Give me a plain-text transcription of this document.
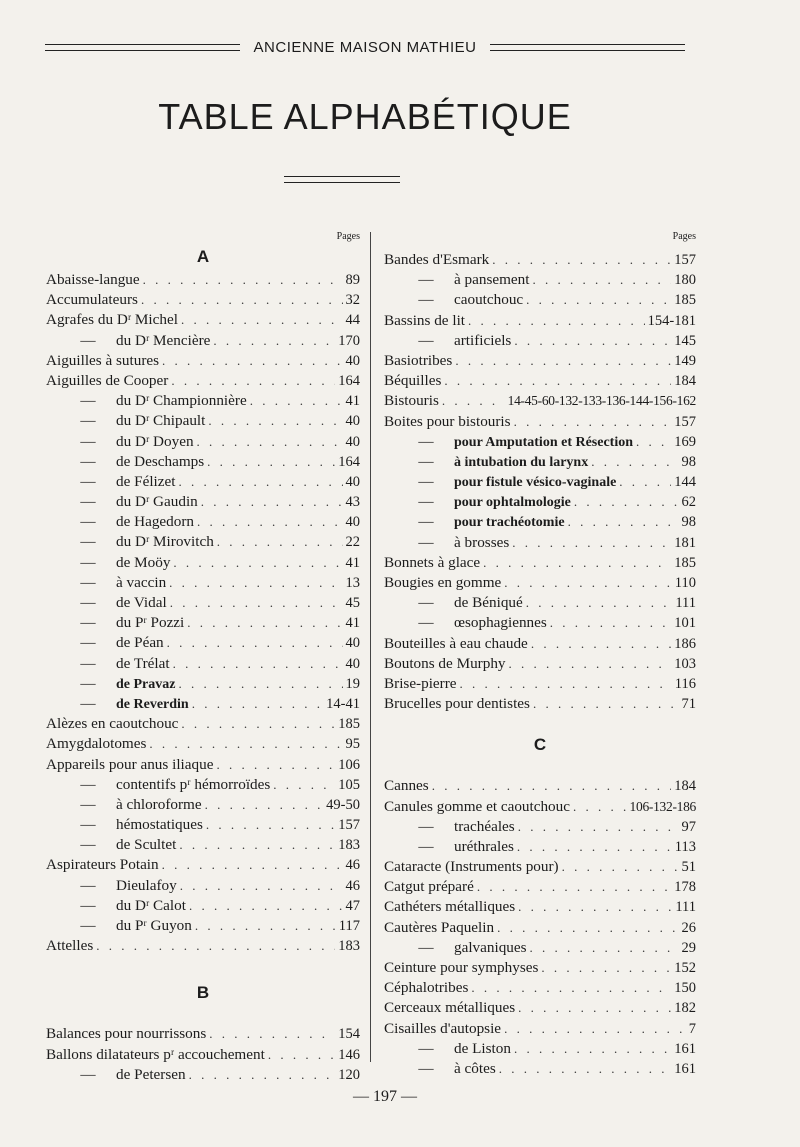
ANCIENNE MAISON MATHIEU
TABLE ALPHABÉTIQUE
Pages
A
Abaisse-langue . . .	89
Accumulateurs . . .	32
Agrafes du Dʳ Michel . . .	44
—	du Dʳ Mencière . . .	170
Aiguilles à sutures . . .	40
Aiguilles de Cooper . . .	164
—	du Dʳ Championnière . . .	41
—	du Dʳ Chipault . . .	40
—	du Dʳ Doyen . . .	40
—	de Deschamps . . .	164
—	de Félizet . . .	40
—	du Dʳ Gaudin . . .	43
—	de Hagedorn . . .	40
—	du Dʳ Mirovitch . . .	22
—	de Moöy . . .	41
—	à vaccin . . .	13
—	de Vidal . . .	45
—	du Pʳ Pozzi . . .	41
—	de Péan . . .	40
—	de Trélat . . .	40
—	de Pravaz . . .	19
—	de Reverdin . . .	14-41
Alèzes en caoutchouc . . .	185
Amygdalotomes . . .	95
Appareils pour anus iliaque . . .	106
—	contentifs pʳ hémorroïdes . . .	105
—	à chloroforme . . .	49-50
—	hémostatiques . . .	157
—	de Scultet . . .	183
Aspirateurs Potain . . .	46
—	Dieulafoy . . .	46
—	du Dʳ Calot . . .	47
—	du Pʳ Guyon . . .	117
Attelles . . .	183
B
Balances pour nourrissons . . .	154
Ballons dilatateurs pʳ accouchement . . .	146
—	de Petersen . . .	120
Pages
Bandes d'Esmark . . .	157
—	à pansement . . .	180
—	caoutchouc . . .	185
Bassins de lit . . .	154-181
—	artificiels . . .	145
Basiotribes . . .	149
Béquilles . . .	184
Bistouris . . .	14-45-60-132-133-136-144-156-162
Boites pour bistouris . . .	157
—	pour Amputation et Résection . . .	169
—	à intubation du larynx . . .	98
—	pour fistule vésico-vaginale . . .	144
—	pour ophtalmologie . . .	62
—	pour trachéotomie . . .	98
—	à brosses . . .	181
Bonnets à glace . . .	185
Bougies en gomme . . .	110
—	de Béniqué . . .	111
—	œsophagiennes . . .	101
Bouteilles à eau chaude . . .	186
Boutons de Murphy . . .	103
Brise-pierre . . .	116
Brucelles pour dentistes . . .	71
C
Cannes . . .	184
Canules gomme et caoutchouc . . .	106-132-186
—	trachéales . . .	97
—	uréthrales . . .	113
Cataracte (Instruments pour) . . .	51
Catgut préparé . . .	178
Cathéters métalliques . . .	111
Cautères Paquelin . . .	26
—	galvaniques . . .	29
Ceinture pour symphyses . . .	152
Céphalotribes . . .	150
Cerceaux métalliques . . .	182
Cisailles d'autopsie . . .	7
—	de Liston . . .	161
—	à côtes . . .	161
— 197 —
